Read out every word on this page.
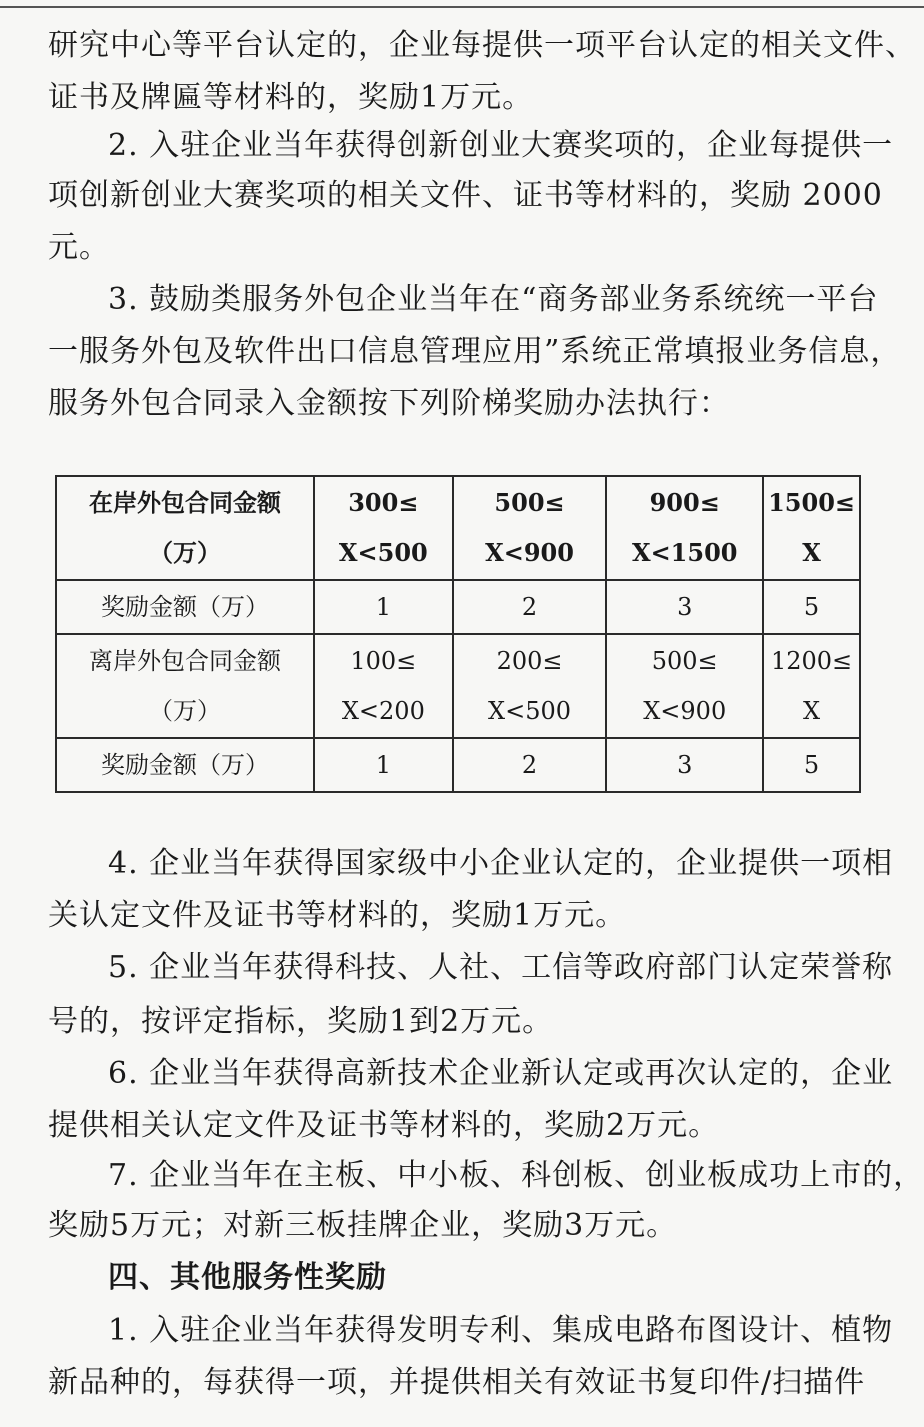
研究中心等平台认定的，企业每提供一项平台认定的相关文件、
证书及牌匾等材料的，奖励1万元。
2. 入驻企业当年获得创新创业大赛奖项的，企业每提供一
项创新创业大赛奖项的相关文件、证书等材料的，奖励 2000
元。
3. 鼓励类服务外包企业当年在“商务部业务系统统一平台
一服务外包及软件出口信息管理应用”系统正常填报业务信息，
服务外包合同录入金额按下列阶梯奖励办法执行：
在岸外包合同金额（万）	300≤ X<500	500≤ X<900	900≤ X<1500	1500≤ X
奖励金额（万）	1	2	3	5
离岸外包合同金额（万）	100≤ X<200	200≤ X<500	500≤ X<900	1200≤ X
奖励金额（万）	1	2	3	5
4. 企业当年获得国家级中小企业认定的，企业提供一项相
关认定文件及证书等材料的，奖励1万元。
5. 企业当年获得科技、人社、工信等政府部门认定荣誉称
号的，按评定指标，奖励1到2万元。
6. 企业当年获得高新技术企业新认定或再次认定的，企业
提供相关认定文件及证书等材料的，奖励2万元。
7. 企业当年在主板、中小板、科创板、创业板成功上市的，
奖励5万元；对新三板挂牌企业，奖励3万元。
四、其他服务性奖励
1. 入驻企业当年获得发明专利、集成电路布图设计、植物
新品种的，每获得一项，并提供相关有效证书复印件/扫描件
